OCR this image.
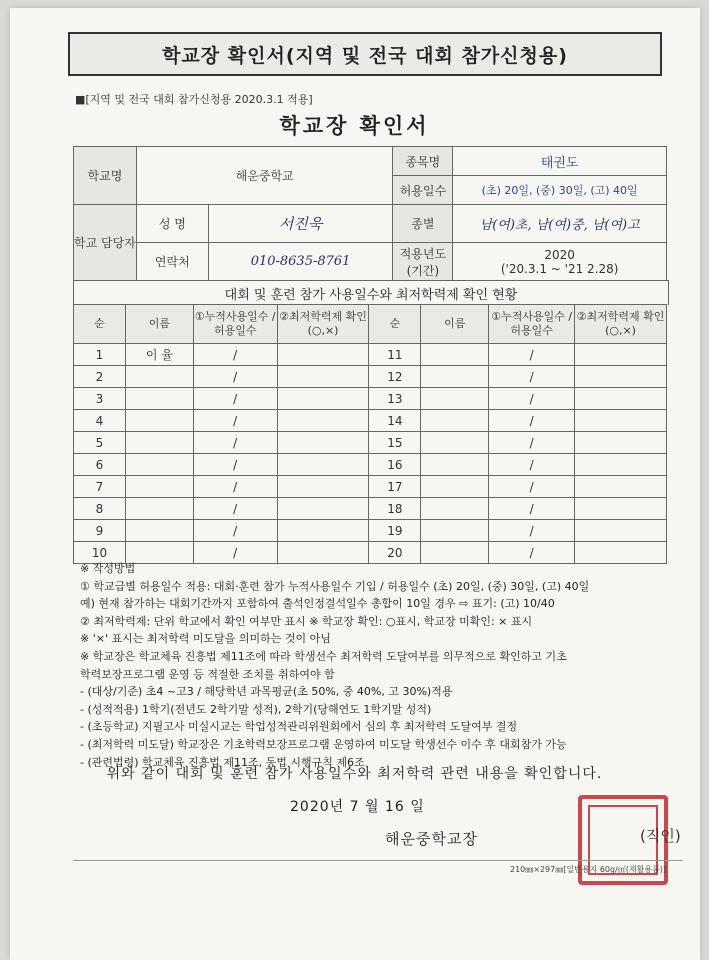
학교장 확인서(지역 및 전국 대회 참가신청용)
■[지역 및 전국 대회 참가신청용 2020.3.1 적용]
학교장 확인서
학교명	해운중학교		종목명	태권도
			허용일수	(초) 20일, (중) 30일, (고) 40일
학교 담당자	성 명	서진욱	종별	남(여)초, 남(여)중, 남(여)고
	연락처	010-8635-8761	적용년도 (기간)	2020
('20.3.1 ~ '21 2.28)
대회 및 훈련 참가 사용일수와 최저학력제 확인 현황
순	이름	①누적사용일수 /허용일수	②최저학력제 확인(○,×)	순	이름	①누적사용일수 /허용일수	②최저학력제 확인(○,×)
1	이 율	/		11		/	
2		/		12		/	
3		/		13		/	
4		/		14		/	
5		/		15		/	
6		/		16		/	
7		/		17		/	
8		/		18		/	
9		/		19		/	
10		/		20		/	
※ 작성방법
① 학교급별 허용일수 적용: 대회·훈련 참가 누적사용일수 기입 / 허용일수 (초) 20일, (중) 30일, (고) 40일
예) 현재 참가하는 대회기간까지 포함하여 출석인정결석일수 총합이 10일 경우 ⇨ 표기: (고) 10/40
② 최저학력제: 단위 학교에서 확인 여부만 표시 ※ 학교장 확인: ○표시, 학교장 미확인: × 표시
※ '×' 표시는 최저학력 미도달을 의미하는 것이 아님
※ 학교장은 학교체육 진흥법 제11조에 따라 학생선수 최저학력 도달여부를 의무적으로 확인하고 기초
학력보장프로그램 운영 등 적절한 조치를 취하여야 함
- (대상/기준) 초4 ~고3 / 해당학년 과목평균(초 50%, 중 40%, 고 30%)적용
- (성적적용) 1학기(전년도 2학기말 성적), 2학기(당해연도 1학기말 성적)
- (초등학교) 지필고사 미실시교는 학업성적관리위원회에서 심의 후 최저학력 도달여부 결정
- (최저학력 미도달) 학교장은 기초학력보장프로그램 운영하여 미도달 학생선수 이수 후 대회참가 가능
- (관련법령) 학교체육 진흥법 제11조, 동법 시행규칙 제6조
위와 같이 대회 및 훈련 참가 사용일수와 최저학력 관련 내용을 확인합니다.
2020년 7 월 16 일
해운중학교장	(직인)
210㎜×297㎜[일반용지 60g/㎡(재활용품)]
